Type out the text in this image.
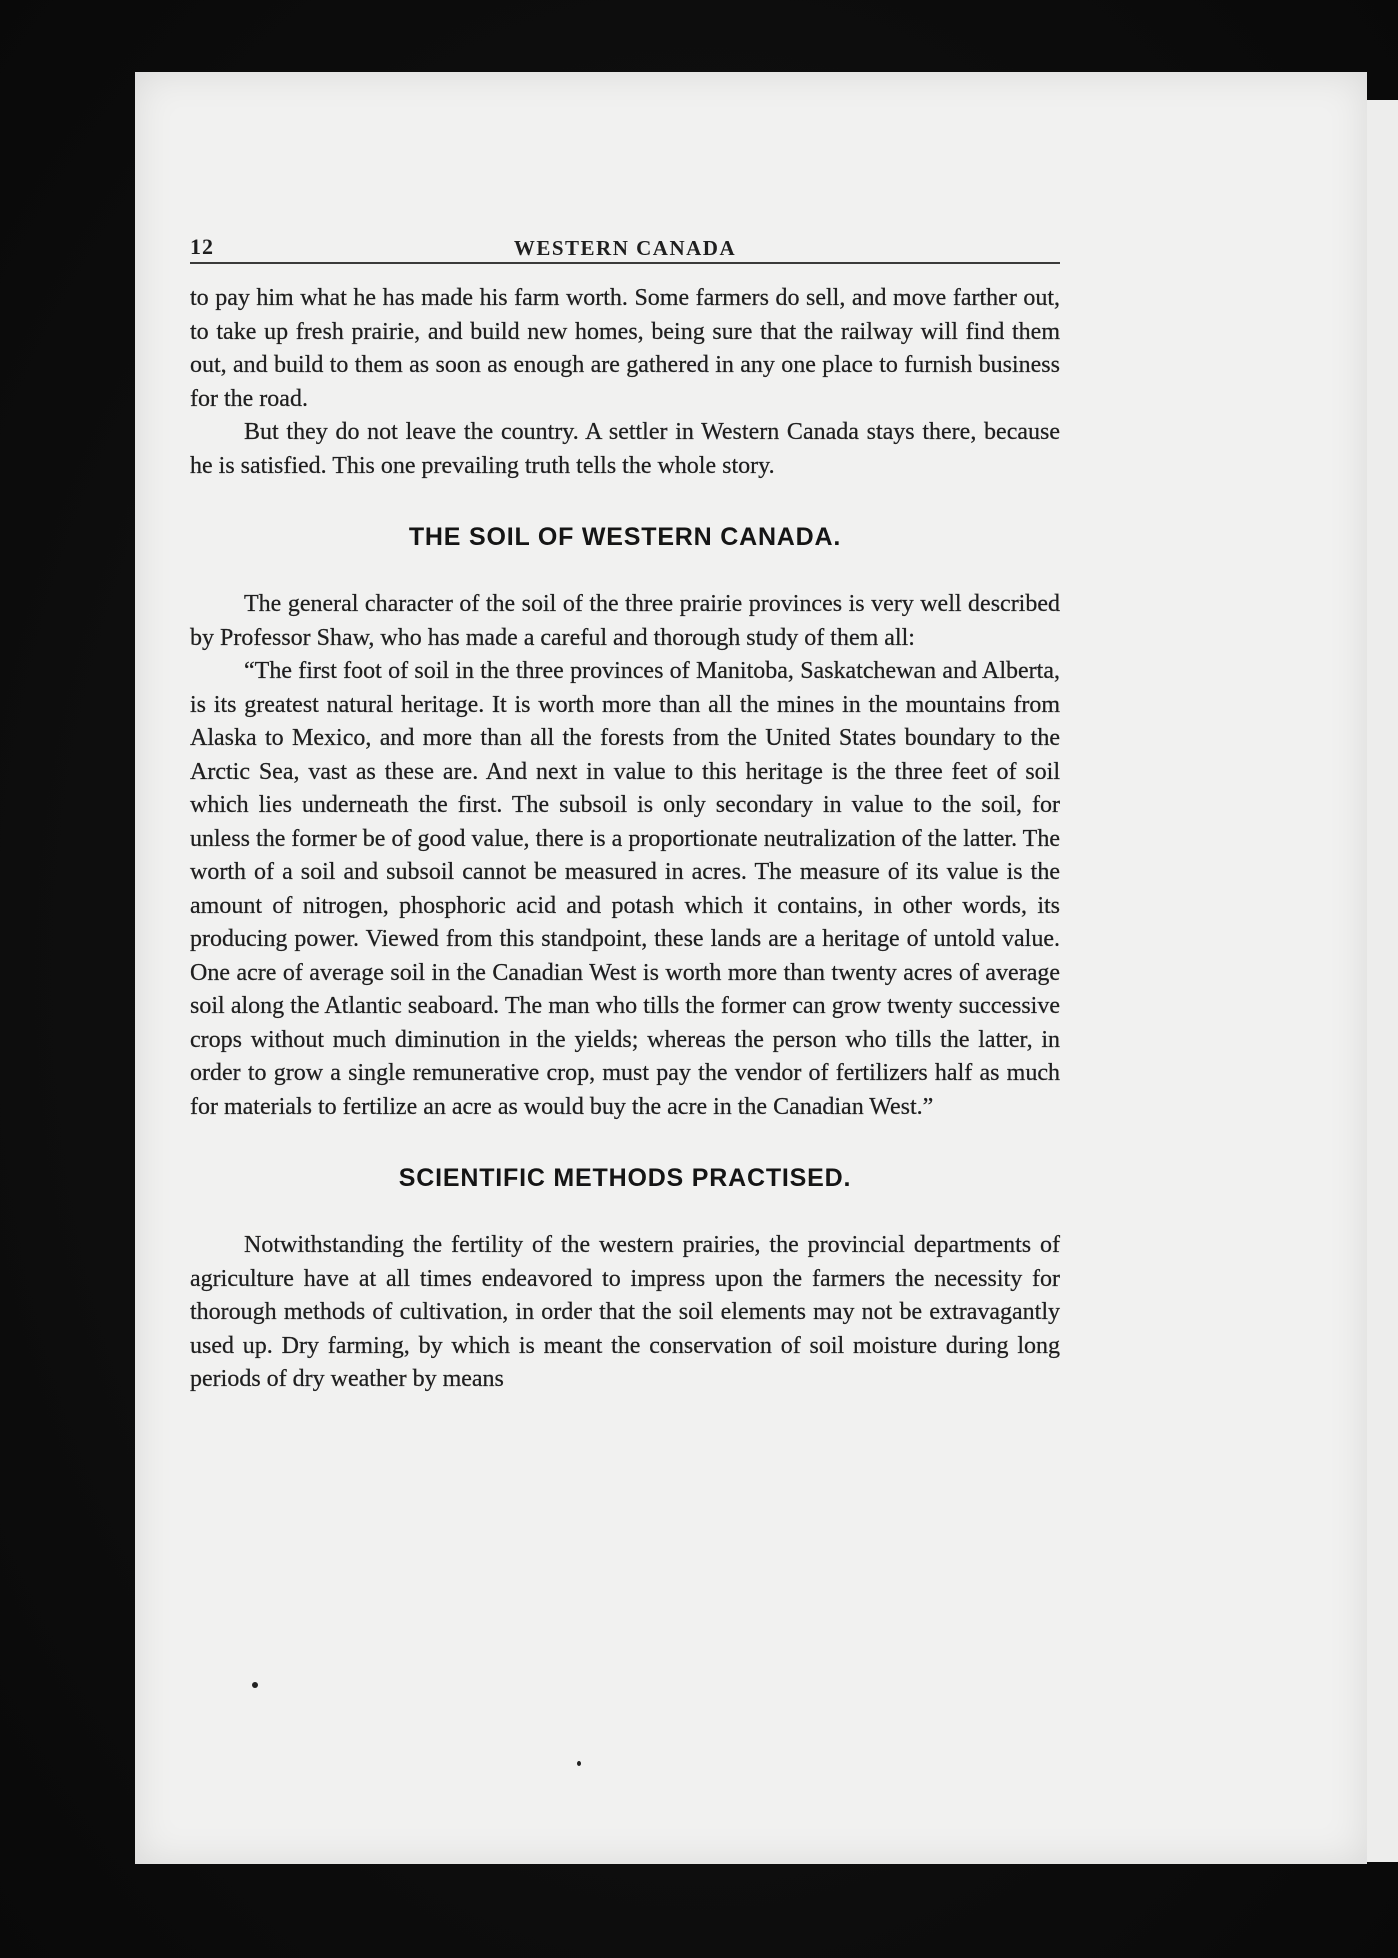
12	WESTERN CANADA

to pay him what he has made his farm worth. Some farmers do sell, and move farther out, to take up fresh prairie, and build new homes, being sure that the railway will find them out, and build to them as soon as enough are gathered in any one place to furnish business for the road.

But they do not leave the country. A settler in Western Canada stays there, because he is satisfied. This one prevailing truth tells the whole story.

THE SOIL OF WESTERN CANADA.

The general character of the soil of the three prairie provinces is very well described by Professor Shaw, who has made a careful and thorough study of them all:

“The first foot of soil in the three provinces of Manitoba, Saskatchewan and Alberta, is its greatest natural heritage. It is worth more than all the mines in the mountains from Alaska to Mexico, and more than all the forests from the United States boundary to the Arctic Sea, vast as these are. And next in value to this heritage is the three feet of soil which lies underneath the first. The subsoil is only secondary in value to the soil, for unless the former be of good value, there is a proportionate neutralization of the latter. The worth of a soil and subsoil cannot be measured in acres. The measure of its value is the amount of nitrogen, phosphoric acid and potash which it contains, in other words, its producing power. Viewed from this standpoint, these lands are a heritage of untold value. One acre of average soil in the Canadian West is worth more than twenty acres of average soil along the Atlantic seaboard. The man who tills the former can grow twenty successive crops without much diminution in the yields; whereas the person who tills the latter, in order to grow a single remunerative crop, must pay the vendor of fertilizers half as much for materials to fertilize an acre as would buy the acre in the Canadian West.”

SCIENTIFIC METHODS PRACTISED.

Notwithstanding the fertility of the western prairies, the provincial departments of agriculture have at all times endeavored to impress upon the farmers the necessity for thorough methods of cultivation, in order that the soil elements may not be extravagantly used up. Dry farming, by which is meant the conservation of soil moisture during long periods of dry weather by means
